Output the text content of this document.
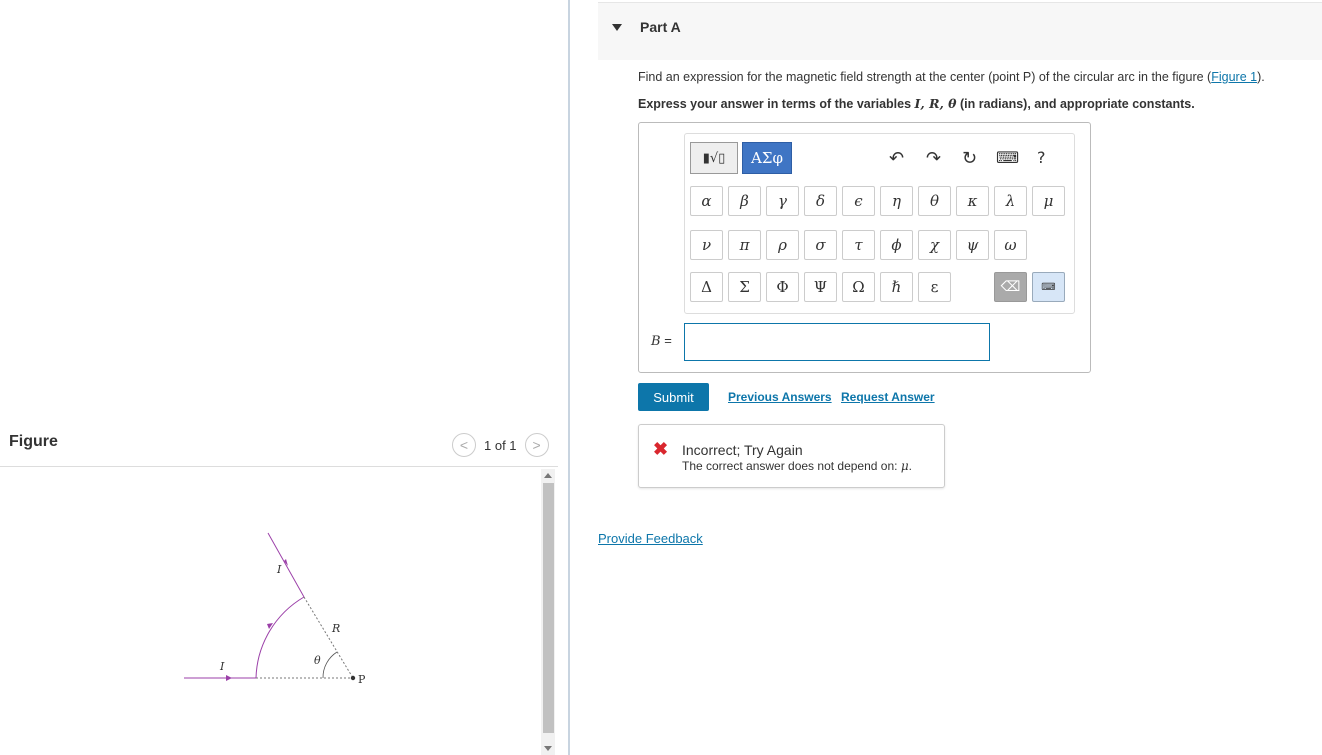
I
I
R
θ
P
Figure	<	1 of 1	>
Part A

Find an expression for the magnetic field strength at the center (point P) of the circular arc in the figure (Figure 1).

Express your answer in terms of the variables I, R, θ (in radians), and appropriate constants.

▮√▯	ΑΣφ	↶ ↷ ↻ ⌨ ?
α	β	γ	δ	ϵ	η	θ	κ	λ	μ
ν	π	ρ	σ	τ	ϕ	χ	ψ	ω
Δ	Σ	Φ	Ψ	Ω	ℏ	ε	⌫	⌨
B =
Submit	Previous Answers Request Answer
✖ Incorrect; Try Again
The correct answer does not depend on: μ.
Provide Feedback
